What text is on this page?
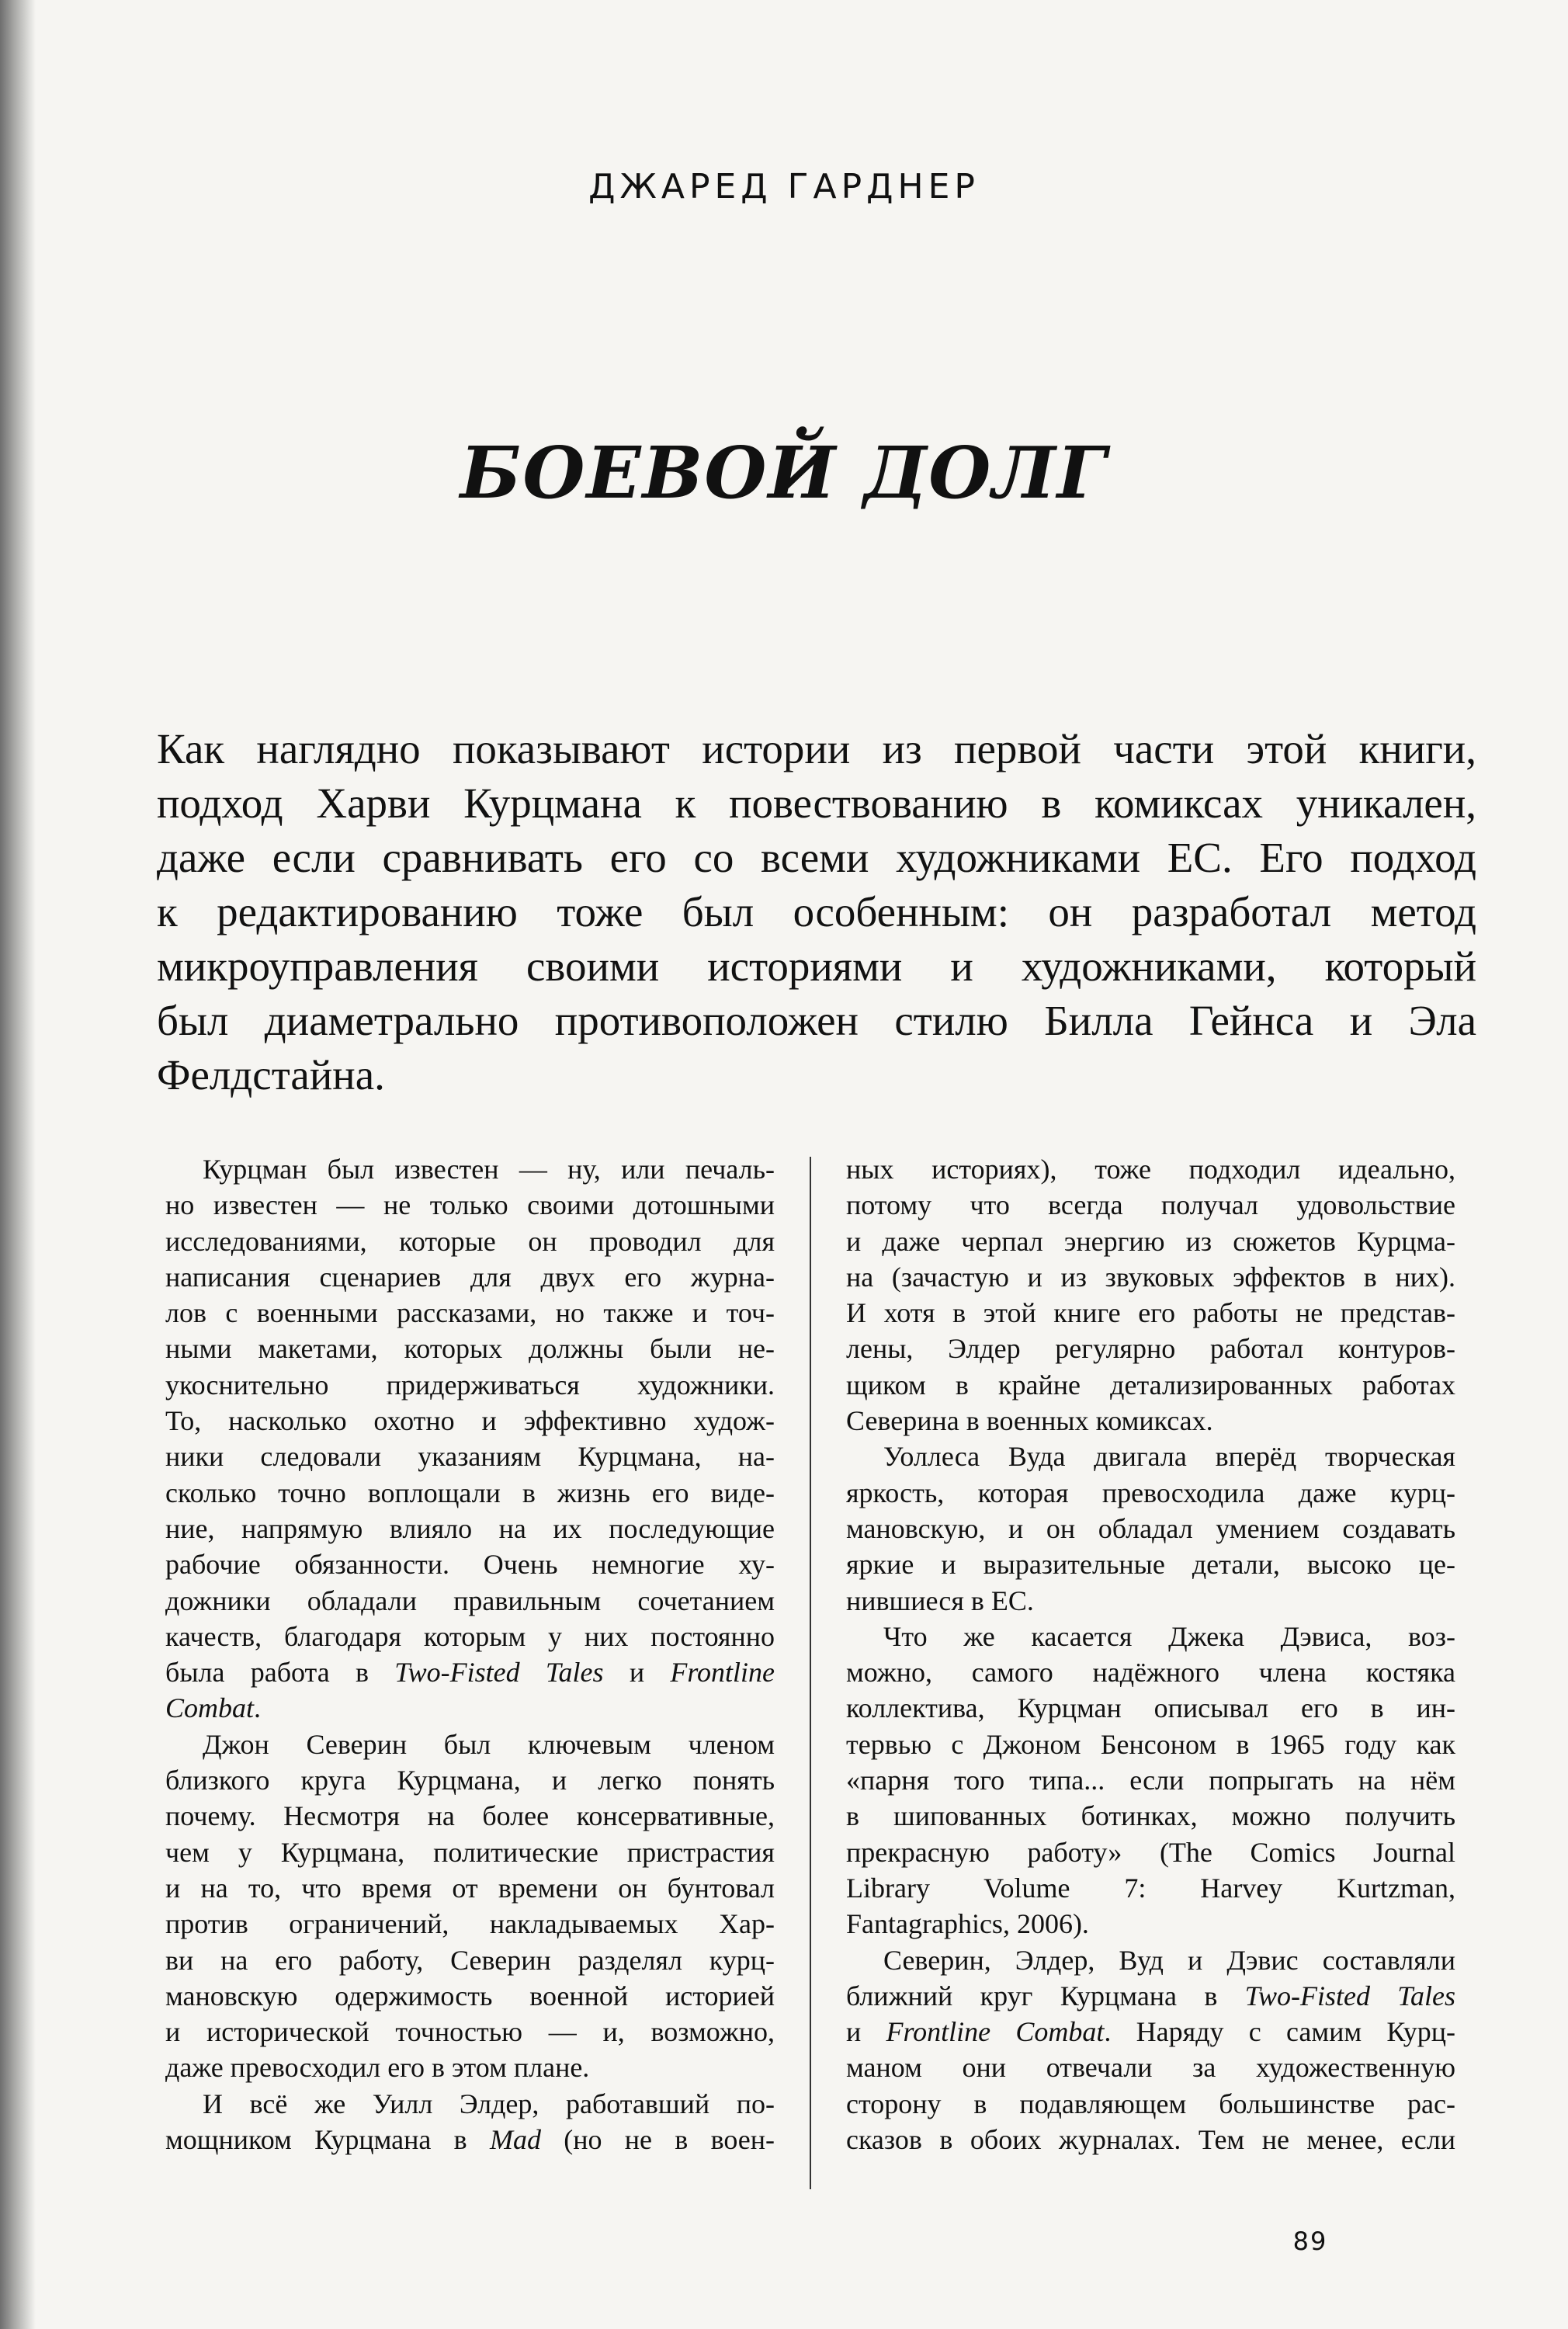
ДЖАРЕД ГАРДНЕР
БОЕВОЙ ДОЛГ
Как наглядно показывают истории из первой части этой книги,
подход Харви Курцмана к повествованию в комиксах уникален,
даже если сравнивать его со всеми художниками EC. Его подход
к редактированию тоже был особенным: он разработал метод
микроуправления своими историями и художниками, который
был диаметрально противоположен стилю Билла Гейнса и Эла
Фелдстайна.
Курцман был известен — ну, или печаль-
но известен — не только своими дотошными
исследованиями, которые он проводил для
написания сценариев для двух его журна-
лов с военными рассказами, но также и точ-
ными макетами, которых должны были не-
укоснительно придерживаться художники.
То, насколько охотно и эффективно худож-
ники следовали указаниям Курцмана, на-
сколько точно воплощали в жизнь его виде-
ние, напрямую влияло на их последующие
рабочие обязанности. Очень немногие ху-
дожники обладали правильным сочетанием
качеств, благодаря которым у них постоянно
была работа в Two-Fisted Tales и Frontline
Combat.
Джон Северин был ключевым членом
близкого круга Курцмана, и легко понять
почему. Несмотря на более консервативные,
чем у Курцмана, политические пристрастия
и на то, что время от времени он бунтовал
против ограничений, накладываемых Хар-
ви на его работу, Северин разделял курц-
мановскую одержимость военной историей
и исторической точностью — и, возможно,
даже превосходил его в этом плане.
И всё же Уилл Элдер, работавший по-
мощником Курцмана в Mad (но не в воен-
ных историях), тоже подходил идеально,
потому что всегда получал удовольствие
и даже черпал энергию из сюжетов Курцма-
на (зачастую и из звуковых эффектов в них).
И хотя в этой книге его работы не представ-
лены, Элдер регулярно работал контуров-
щиком в крайне детализированных работах
Северина в военных комиксах.
Уоллеса Вуда двигала вперёд творческая
яркость, которая превосходила даже курц-
мановскую, и он обладал умением создавать
яркие и выразительные детали, высоко це-
нившиеся в EC.
Что же касается Джека Дэвиса, воз-
можно, самого надёжного члена костяка
коллектива, Курцман описывал его в ин-
тервью с Джоном Бенсоном в 1965 году как
«парня того типа... если попрыгать на нём
в шипованных ботинках, можно получить
прекрасную работу» (The Comics Journal
Library Volume 7: Harvey Kurtzman,
Fantagraphics, 2006).
Северин, Элдер, Вуд и Дэвис составляли
ближний круг Курцмана в Two-Fisted Tales
и Frontline Combat. Наряду с самим Курц-
маном они отвечали за художественную
сторону в подавляющем большинстве рас-
сказов в обоих журналах. Тем не менее, если
89
